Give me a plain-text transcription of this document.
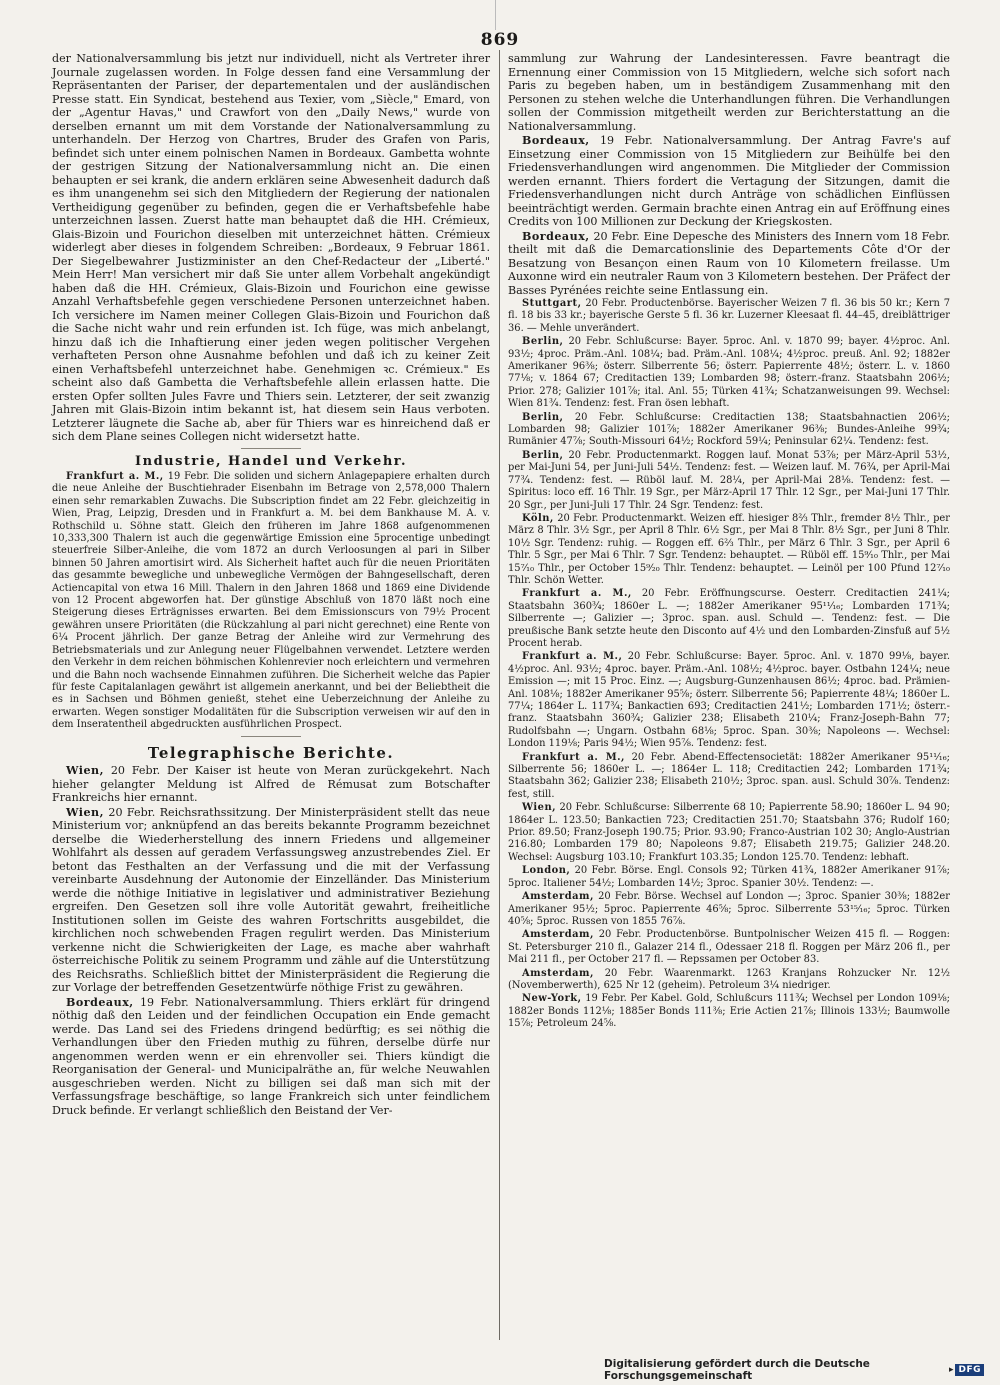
869

der Nationalversammlung bis jetzt nur individuell, nicht als Vertreter ihrer Journale zugelassen worden. In Folge dessen fand eine Versammlung der Repräsentanten der Pariser, der departementalen und der ausländischen Presse statt. Ein Syndicat, bestehend aus Texier, vom „Siècle," Emard, von der „Agentur Havas," und Crawfort von den „Daily News," wurde von derselben ernannt um mit dem Vorstande der Nationalversammlung zu unterhandeln. Der Herzog von Chartres, Bruder des Grafen von Paris, befindet sich unter einem polnischen Namen in Bordeaux. Gambetta wohnte der gestrigen Sitzung der Nationalversammlung nicht an. Die einen behaupten er sei krank, die andern erklären seine Abwesenheit dadurch daß es ihm unangenehm sei sich den Mitgliedern der Regierung der nationalen Vertheidigung gegenüber zu befinden, gegen die er Verhaftsbefehle habe unterzeichnen lassen. Zuerst hatte man behauptet daß die HH. Crémieux, Glais-Bizoin und Fourichon dieselben mit unterzeichnet hätten. Crémieux widerlegt aber dieses in folgendem Schreiben: „Bordeaux, 9 Februar 1861. Der Siegelbewahrer Justizminister an den Chef-Redacteur der „Liberté." Mein Herr! Man versichert mir daß Sie unter allem Vorbehalt angekündigt haben daß die HH. Crémieux, Glais-Bizoin und Fourichon eine gewisse Anzahl Verhaftsbefehle gegen verschiedene Personen unterzeichnet haben. Ich versichere im Namen meiner Collegen Glais-Bizoin und Fourichon daß die Sache nicht wahr und rein erfunden ist. Ich füge, was mich anbelangt, hinzu daß ich die Inhaftierung einer jeden wegen politischer Vergehen verhafteten Person ohne Ausnahme befohlen und daß ich zu keiner Zeit einen Verhaftsbefehl unterzeichnet habe. Genehmigen ꝛc. Crémieux." Es scheint also daß Gambetta die Verhaftsbefehle allein erlassen hatte. Die ersten Opfer sollten Jules Favre und Thiers sein. Letzterer, der seit zwanzig Jahren mit Glais-Bizoin intim bekannt ist, hat diesem sein Haus verboten. Letzterer läugnete die Sache ab, aber für Thiers war es hinreichend daß er sich dem Plane seines Collegen nicht widersetzt hatte.

Industrie, Handel und Verkehr.

Frankfurt a. M., 19 Febr. Die soliden und sichern Anlagepapiere erhalten durch die neue Anleihe der Buschtiehrader Eisenbahn im Betrage von 2,578,000 Thalern einen sehr remarkablen Zuwachs. Die Subscription findet am 22 Febr. gleichzeitig in Wien, Prag, Leipzig, Dresden und in Frankfurt a. M. bei dem Bankhause M. A. v. Rothschild u. Söhne statt. Gleich den früheren im Jahre 1868 aufgenommenen 10,333,300 Thalern ist auch die gegenwärtige Emission eine 5procentige unbedingt steuerfreie Silber-Anleihe, die vom 1872 an durch Verloosungen al pari in Silber binnen 50 Jahren amortisirt wird. Als Sicherheit haftet auch für die neuen Prioritäten das gesammte bewegliche und unbewegliche Vermögen der Bahngesellschaft, deren Actiencapital von etwa 16 Mill. Thalern in den Jahren 1868 und 1869 eine Dividende von 12 Procent abgeworfen hat. Der günstige Abschluß von 1870 läßt noch eine Steigerung dieses Erträgnisses erwarten. Bei dem Emissionscurs von 79½ Procent gewähren unsere Prioritäten (die Rückzahlung al pari nicht gerechnet) eine Rente von 6¼ Procent jährlich. Der ganze Betrag der Anleihe wird zur Vermehrung des Betriebsmaterials und zur Anlegung neuer Flügelbahnen verwendet. Letztere werden den Verkehr in dem reichen böhmischen Kohlenrevier noch erleichtern und vermehren und die Bahn noch wachsende Einnahmen zuführen. Die Sicherheit welche das Papier für feste Capitalanlagen gewährt ist allgemein anerkannt, und bei der Beliebtheit die es in Sachsen und Böhmen genießt, stehet eine Ueberzeichnung der Anleihe zu erwarten. Wegen sonstiger Modalitäten für die Subscription verweisen wir auf den in dem Inseratentheil abgedruckten ausführlichen Prospect.

Telegraphische Berichte.

Wien, 20 Febr. Der Kaiser ist heute von Meran zurückgekehrt. Nach hieher gelangter Meldung ist Alfred de Rémusat zum Botschafter Frankreichs hier ernannt.

Wien, 20 Febr. Reichsrathssitzung. Der Ministerpräsident stellt das neue Ministerium vor; anknüpfend an das bereits bekannte Programm bezeichnet derselbe die Wiederherstellung des innern Friedens und allgemeiner Wohlfahrt als dessen auf geradem Verfassungsweg anzustrebendes Ziel. Er betont das Festhalten an der Verfassung und die mit der Verfassung vereinbarte Ausdehnung der Autonomie der Einzelländer. Das Ministerium werde die nöthige Initiative in legislativer und administrativer Beziehung ergreifen. Den Gesetzen soll ihre volle Autorität gewahrt, freiheitliche Institutionen sollen im Geiste des wahren Fortschritts ausgebildet, die kirchlichen noch schwebenden Fragen regulirt werden. Das Ministerium verkenne nicht die Schwierigkeiten der Lage, es mache aber wahrhaft österreichische Politik zu seinem Programm und zähle auf die Unterstützung des Reichsraths. Schließlich bittet der Ministerpräsident die Regierung die zur Vorlage der betreffenden Gesetzentwürfe nöthige Frist zu gewähren.

Bordeaux, 19 Febr. Nationalversammlung. Thiers erklärt für dringend nöthig daß den Leiden und der feindlichen Occupation ein Ende gemacht werde. Das Land sei des Friedens dringend bedürftig; es sei nöthig die Verhandlungen über den Frieden muthig zu führen, derselbe dürfe nur angenommen werden wenn er ein ehrenvoller sei. Thiers kündigt die Reorganisation der General- und Municipalräthe an, für welche Neuwahlen ausgeschrieben werden. Nicht zu billigen sei daß man sich mit der Verfassungsfrage beschäftige, so lange Frankreich sich unter feindlichem Druck befinde. Er verlangt schließlich den Beistand der Ver-

sammlung zur Wahrung der Landesinteressen. Favre beantragt die Ernennung einer Commission von 15 Mitgliedern, welche sich sofort nach Paris zu begeben haben, um in beständigem Zusammenhang mit den Personen zu stehen welche die Unterhandlungen führen. Die Verhandlungen sollen der Commission mitgetheilt werden zur Berichterstattung an die Nationalversammlung.

Bordeaux, 19 Febr. Nationalversammlung. Der Antrag Favre's auf Einsetzung einer Commission von 15 Mitgliedern zur Beihülfe bei den Friedensverhandlungen wird angenommen. Die Mitglieder der Commission werden ernannt. Thiers fordert die Vertagung der Sitzungen, damit die Friedensverhandlungen nicht durch Anträge von schädlichen Einflüssen beeinträchtigt werden. Germain brachte einen Antrag ein auf Eröffnung eines Credits von 100 Millionen zur Deckung der Kriegskosten.

Bordeaux, 20 Febr. Eine Depesche des Ministers des Innern vom 18 Febr. theilt mit daß die Demarcationslinie des Departements Côte d'Or der Besatzung von Besançon einen Raum von 10 Kilometern freilasse. Um Auxonne wird ein neutraler Raum von 3 Kilometern bestehen. Der Präfect der Basses Pyrénées reichte seine Entlassung ein.

Stuttgart, 20 Febr. Productenbörse. Bayerischer Weizen 7 fl. 36 bis 50 kr.; Kern 7 fl. 18 bis 33 kr.; bayerische Gerste 5 fl. 36 kr. Luzerner Kleesaat fl. 44–45, dreiblättriger 36. — Mehle unverändert.

Berlin, 20 Febr. Schlußcurse: Bayer. 5proc. Anl. v. 1870 99; bayer. 4½proc. Anl. 93½; 4proc. Präm.-Anl. 108¼; bad. Präm.-Anl. 108¼; 4½proc. preuß. Anl. 92; 1882er Amerikaner 96⅜; österr. Silberrente 56; österr. Papierrente 48½; österr. L. v. 1860 77⅛; v. 1864 67; Creditactien 139; Lombarden 98; österr.-franz. Staatsbahn 206½; Prior. 278; Galizier 101⅞; ital. Anl. 55; Türken 41¾; Schatzanweisungen 99. Wechsel: Wien 81¾. Tendenz: fest. Fran ösen lebhaft.

Berlin, 20 Febr. Schlußcurse: Creditactien 138; Staatsbahnactien 206½; Lombarden 98; Galizier 101⅞; 1882er Amerikaner 96⅜; Bundes-Anleihe 99¾; Rumänier 47⅞; South-Missouri 64½; Rockford 59¼; Peninsular 62¼. Tendenz: fest.

Berlin, 20 Febr. Productenmarkt. Roggen lauf. Monat 53⅞; per März-April 53½, per Mai-Juni 54, per Juni-Juli 54½. Tendenz: fest. — Weizen lauf. M. 76¾, per April-Mai 77¾. Tendenz: fest. — Rüböl lauf. M. 28¼, per April-Mai 28⅛. Tendenz: fest. — Spiritus: loco eff. 16 Thlr. 19 Sgr., per März-April 17 Thlr. 12 Sgr., per Mai-Juni 17 Thlr. 20 Sgr., per Juni-Juli 17 Thlr. 24 Sgr. Tendenz: fest.

Köln, 20 Febr. Productenmarkt. Weizen eff. hiesiger 8⅔ Thlr., fremder 8½ Thlr., per März 8 Thlr. 3½ Sgr., per April 8 Thlr. 6½ Sgr., per Mai 8 Thlr. 8½ Sgr., per Juni 8 Thlr. 10½ Sgr. Tendenz: ruhig. — Roggen eff. 6⅔ Thlr., per März 6 Thlr. 3 Sgr., per April 6 Thlr. 5 Sgr., per Mai 6 Thlr. 7 Sgr. Tendenz: behauptet. — Rüböl eff. 15⁹⁄₁₀ Thlr., per Mai 15⁷⁄₁₀ Thlr., per October 15⁹⁄₂₀ Thlr. Tendenz: behauptet. — Leinöl per 100 Pfund 12⁷⁄₁₀ Thlr. Schön Wetter.

Frankfurt a. M., 20 Febr. Eröffnungscurse. Oesterr. Creditactien 241¼; Staatsbahn 360¾; 1860er L. —; 1882er Amerikaner 95¹¹⁄₁₆; Lombarden 171¾; Silberrente —; Galizier —; 3proc. span. ausl. Schuld —. Tendenz: fest. — Die preußische Bank setzte heute den Disconto auf 4½ und den Lombarden-Zinsfuß auf 5½ Procent herab.

Frankfurt a. M., 20 Febr. Schlußcurse: Bayer. 5proc. Anl. v. 1870 99⅛, bayer. 4½proc. Anl. 93½; 4proc. bayer. Präm.-Anl. 108½; 4½proc. bayer. Ostbahn 124¼; neue Emission —; mit 15 Proc. Einz. —; Augsburg-Gunzenhausen 86½; 4proc. bad. Prämien-Anl. 108⅛; 1882er Amerikaner 95⅝; österr. Silberrente 56; Papierrente 48¼; 1860er L. 77¼; 1864er L. 117¾; Bankactien 693; Creditactien 241½; Lombarden 171½; österr.-franz. Staatsbahn 360¾; Galizier 238; Elisabeth 210¼; Franz-Joseph-Bahn 77; Rudolfsbahn —; Ungarn. Ostbahn 68⅛; 5proc. Span. 30⅜; Napoleons —. Wechsel: London 119⅛; Paris 94½; Wien 95⅞. Tendenz: fest.

Frankfurt a. M., 20 Febr. Abend-Effectensocietät: 1882er Amerikaner 95¹¹⁄₁₆; Silberrente 56; 1860er L. —; 1864er L. 118; Creditactien 242; Lombarden 171¾; Staatsbahn 362; Galizier 238; Elisabeth 210½; 3proc. span. ausl. Schuld 30⅞. Tendenz: fest, still.

Wien, 20 Febr. Schlußcurse: Silberrente 68 10; Papierrente 58.90; 1860er L. 94 90; 1864er L. 123.50; Bankactien 723; Creditactien 251.70; Staatsbahn 376; Rudolf 160; Prior. 89.50; Franz-Joseph 190.75; Prior. 93.90; Franco-Austrian 102 30; Anglo-Austrian 216.80; Lombarden 179 80; Napoleons 9.87; Elisabeth 219.75; Galizier 248.20. Wechsel: Augsburg 103.10; Frankfurt 103.35; London 125.70. Tendenz: lebhaft.

London, 20 Febr. Börse. Engl. Consols 92; Türken 41¾, 1882er Amerikaner 91⅞; 5proc. Italiener 54½; Lombarden 14½; 3proc. Spanier 30½. Tendenz: —.

Amsterdam, 20 Febr. Börse. Wechsel auf London —; 3proc. Spanier 30⅜; 1882er Amerikaner 95½; 5proc. Papierrente 46⅝; 5proc. Silberrente 53¹⁵⁄₁₆; 5proc. Türken 40⅝; 5proc. Russen von 1855 76⅞.

Amsterdam, 20 Febr. Productenbörse. Buntpolnischer Weizen 415 fl. — Roggen: St. Petersburger 210 fl., Galazer 214 fl., Odessaer 218 fl. Roggen per März 206 fl., per Mai 211 fl., per October 217 fl. — Repssamen per October 83.

Amsterdam, 20 Febr. Waarenmarkt. 1263 Kranjans Rohzucker Nr. 12½ (Novemberwerth), 625 Nr 12 (geheim). Petroleum 3¼ niedriger.

New-York, 19 Febr. Per Kabel. Gold, Schlußcurs 111¾; Wechsel per London 109⅛; 1882er Bonds 112⅛; 1885er Bonds 111⅜; Erie Actien 21⅞; Illinois 133½; Baumwolle 15⅞; Petroleum 24⅝.

Digitalisierung gefördert durch die Deutsche Forschungsgemeinschaft	▸ DFG
